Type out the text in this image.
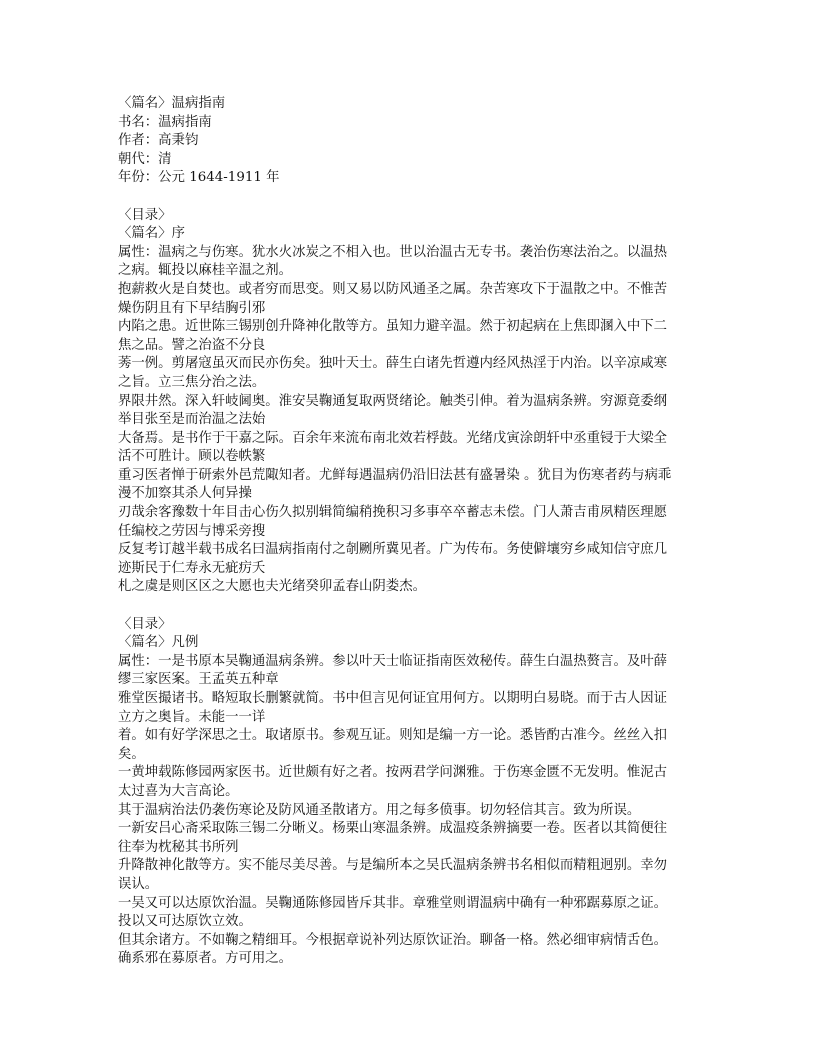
〈篇名〉温病指南
书名：温病指南
作者：高秉钧
朝代：清
年份：公元 1644-1911 年
〈目录〉
〈篇名〉序
属性：温病之与伤寒。犹水火冰炭之不相入也。世以治温古无专书。袭治伤寒法治之。以温热
之病。辄投以麻桂辛温之剂。
抱薪救火是自焚也。或者穷而思变。则又易以防风通圣之属。杂苦寒攻下于温散之中。不惟苦
燥伤阴且有下早结胸引邪
内陷之患。近世陈三锡别创升降神化散等方。虽知力避辛温。然于初起病在上焦即溷入中下二
焦之品。譬之治盗不分良
莠一例。剪屠寇虽灭而民亦伤矣。独叶天士。薛生白诸先哲遵内经风热淫于内治。以辛凉咸寒
之旨。立三焦分治之法。
界限井然。深入轩岐阃奥。淮安吴鞠通复取两贤绪论。触类引伸。着为温病条辨。穷源竟委纲
举目张至是而治温之法始
大备焉。是书作于干嘉之际。百余年来流布南北效若桴鼓。光绪戊寅涂朗轩中丞重锓于大梁全
活不可胜计。顾以卷帙繁
重习医者惮于研索外邑荒陬知者。尤鲜每遇温病仍沿旧法甚有盛暑染 。犹目为伤寒者药与病乖
漫不加察其杀人何异操
刃哉余客豫数十年目击心伤久拟别辑简编稍挽积习多事卒卒蓄志未偿。门人萧吉甫夙精医理愿
任编校之劳因与博采旁搜
反复考订越半载书成名曰温病指南付之剞劂所冀见者。广为传布。务使僻壤穷乡咸知信守庶几
迹斯民于仁寿永无疵疠夭
札之虞是则区区之大愿也夫光绪癸卯孟春山阴娄杰。
〈目录〉
〈篇名〉凡例
属性：一是书原本吴鞠通温病条辨。参以叶天士临证指南医效秘传。薛生白温热赘言。及叶薛
缪三家医案。王孟英五种章
雅堂医撮诸书。略短取长删繁就简。书中但言见何证宜用何方。以期明白易晓。而于古人因证
立方之奥旨。未能一一详
着。如有好学深思之士。取诸原书。参观互证。则知是编一方一论。悉皆酌古准今。丝丝入扣
矣。
一黄坤载陈修园两家医书。近世颇有好之者。按两君学问渊雅。于伤寒金匮不无发明。惟泥古
太过喜为大言高论。
其于温病治法仍袭伤寒论及防风通圣散诸方。用之每多偾事。切勿轻信其言。致为所误。
一新安吕心斋采取陈三锡二分晰义。杨栗山寒温条辨。成温疫条辨摘要一卷。医者以其简便往
往奉为枕秘其书所列
升降散神化散等方。实不能尽美尽善。与是编所本之吴氏温病条辨书名相似而精粗迥别。幸勿
误认。
一吴又可以达原饮治温。吴鞠通陈修园皆斥其非。章雅堂则谓温病中确有一种邪踞募原之证。
投以又可达原饮立效。
但其余诸方。不如鞠之精细耳。今根据章说补列达原饮证治。聊备一格。然必细审病情舌色。
确系邪在募原者。方可用之。
